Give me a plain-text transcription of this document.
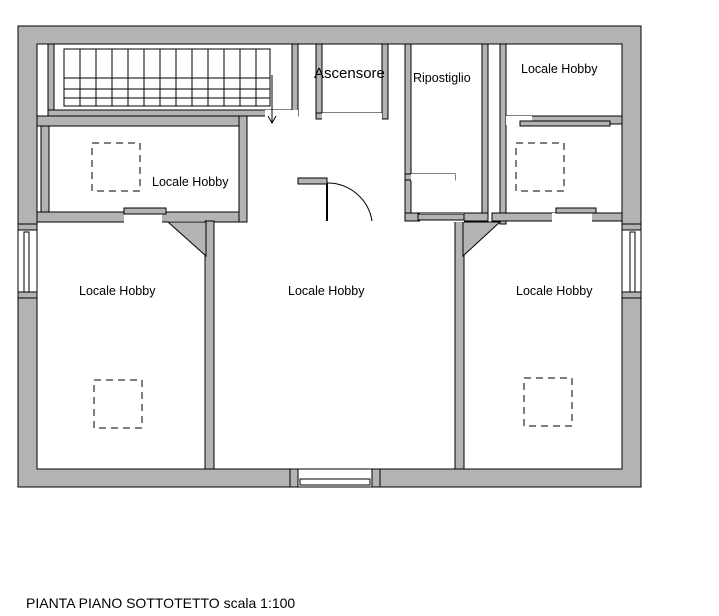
Ascensore Ripostiglio
Locale Hobby
Locale Hobby
Locale Hobby	Locale Hobby	Locale Hobby
PIANTA PIANO SOTTOTETTO scala 1:100
